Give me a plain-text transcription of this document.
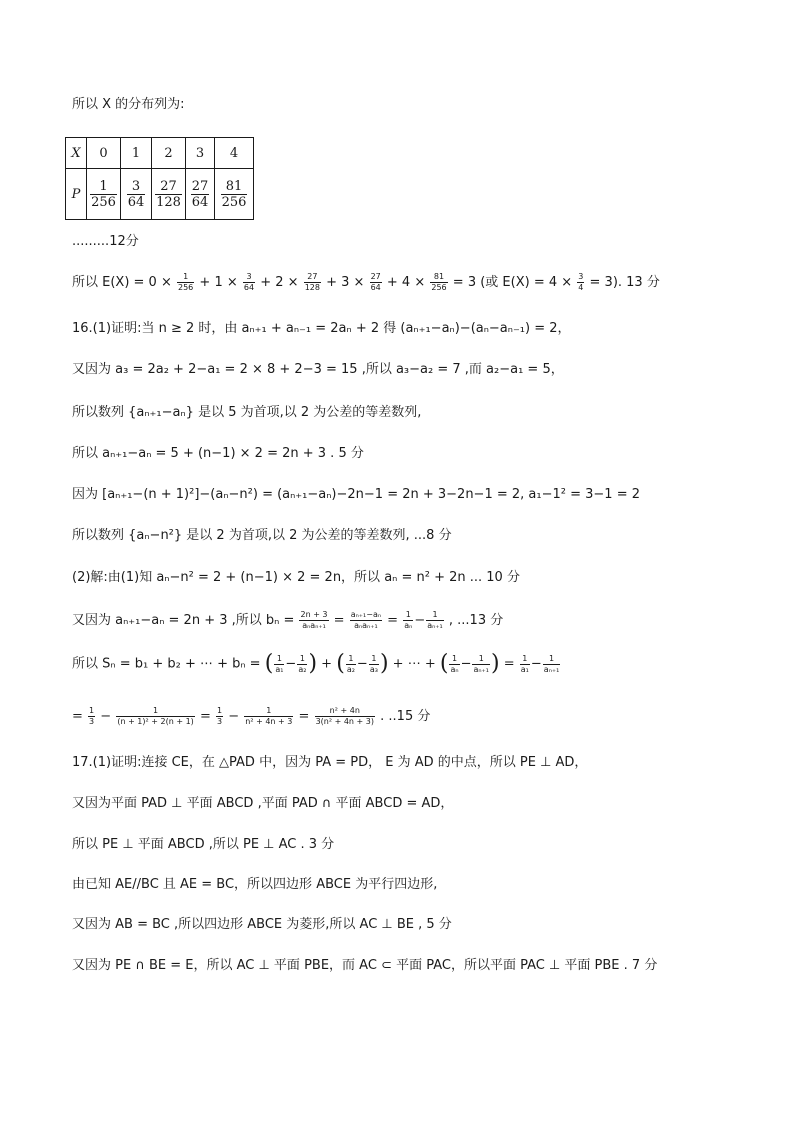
所以 X 的分布列为:
X	0	1	2	3	4
P	$\frac{1}{256}$	$\frac{3}{64}$	$\frac{27}{128}$	$\frac{27}{64}$	$\frac{81}{256}$
.........12分
所以 $E(X) = 0 \times \frac{1}{256} + 1 \times \frac{3}{64} + 2 \times \frac{27}{128} + 3 \times \frac{27}{64} + 4 \times \frac{81}{256} = 3$ (或 $E(X) = 4 \times \frac{3}{4} = 3$). 13 分
16.(1)证明:当 n ≥ 2 时，由 aₙ₊₁ + aₙ₋₁ = 2aₙ + 2 得 (aₙ₊₁−aₙ)−(aₙ−aₙ₋₁) = 2，
又因为 a₃ = 2a₂ + 2−a₁ = 2 × 8 + 2−3 = 15 ,所以 a₃−a₂ = 7 ,而 a₂−a₁ = 5，
所以数列 {aₙ₊₁−aₙ} 是以 5 为首项,以 2 为公差的等差数列,
所以 aₙ₊₁−aₙ = 5 + (n−1) × 2 = 2n + 3 . 5 分
因为 [aₙ₊₁−(n + 1)²]−(aₙ−n²) = (aₙ₊₁−aₙ)−2n−1 = 2n + 3−2n−1 = 2, a₁−1² = 3−1 = 2
所以数列 {aₙ−n²} 是以 2 为首项,以 2 为公差的等差数列, ...8 分
(2)解:由(1)知 aₙ−n² = 2 + (n−1) × 2 = 2n，所以 aₙ = n² + 2n ... 10 分
又因为 aₙ₊₁−aₙ = 2n + 3 ,所以 $b_n = \frac{2n + 3}{\text{aₙaₙ₊₁}} = \frac{\text{aₙ₊₁−aₙ}}{\text{aₙaₙ₊₁}} = \frac{1}{\text{aₙ}} - \frac{1}{\text{aₙ₊₁}}$ , ...13 分
所以 Sₙ = b₁ + b₂ + ⋯ + bₙ = ( $\frac{1}{\text{a₁}} - \frac{1}{\text{a₂}}$ ) + ( $\frac{1}{\text{a₂}} - \frac{1}{\text{a₃}}$ ) + ⋯ + ( $\frac{1}{\text{aₙ}} - \frac{1}{\text{aₙ₊₁}}$ ) = $\frac{1}{\text{a₁}} - \frac{1}{\text{aₙ₊₁}}$
= $\frac{1}{3} - \frac{1}{\text{(n + 1)² + 2(n + 1)}} = \frac{1}{3} - \frac{1}{\text{n² + 4n + 3}} = \frac{\text{n² + 4n}}{\text{3(n² + 4n + 3)}}$ . ..15 分
17.(1)证明:连接 CE，在 △PAD 中，因为 PA = PD， E 为 AD 的中点，所以 PE ⊥ AD，
又因为平面 PAD ⊥ 平面 ABCD ,平面 PAD ∩ 平面 ABCD = AD，
所以 PE ⊥ 平面 ABCD ,所以 PE ⊥ AC . 3 分
由已知 AE//BC 且 AE = BC，所以四边形 ABCE 为平行四边形,
又因为 AB = BC ,所以四边形 ABCE 为菱形,所以 AC ⊥ BE , 5 分
又因为 PE ∩ BE = E，所以 AC ⊥ 平面 PBE，而 AC ⊂ 平面 PAC，所以平面 PAC ⊥ 平面 PBE . 7 分
